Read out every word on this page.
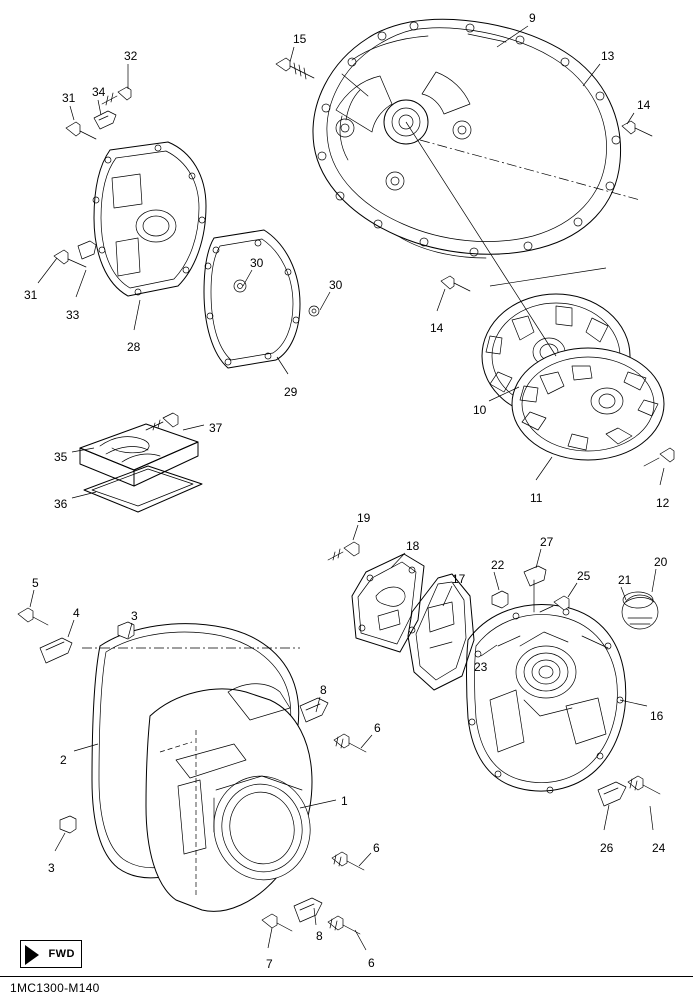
9
13
14
15
32
34
31
31
33
28
30
30
29
14
10
11	12
35
36
37
19
18
17
22
27
25 21
20
23
16
26	24
5
4	3
2
3
8
6
1
6
8
6
7
FWD
1MC1300-M140
